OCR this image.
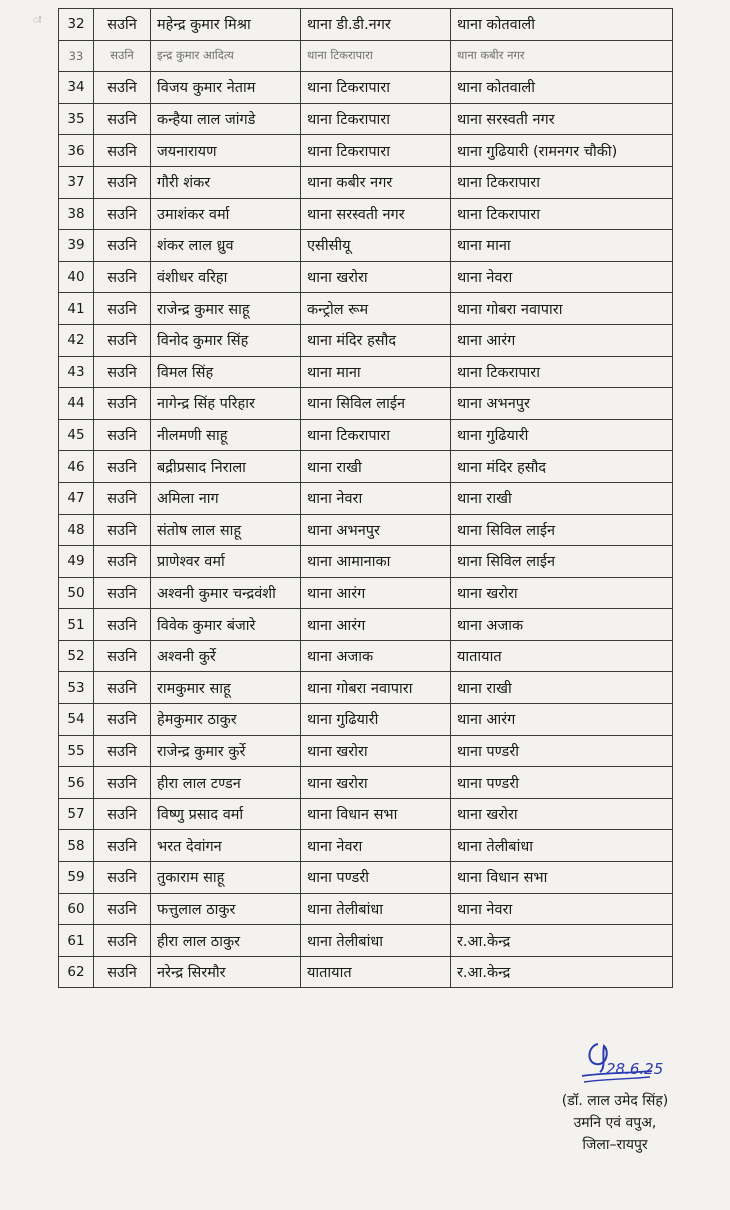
ः 32	सउनि	महेन्द्र कुमार मिश्रा	थाना डी.डी.नगर	थाना कोतवाली
33	सउनि	इन्द्र कुमार आदित्य	थाना टिकरापारा	थाना कबीर नगर
34	सउनि	विजय कुमार नेताम	थाना टिकरापारा	थाना कोतवाली
35	सउनि	कन्हैया लाल जांगडे	थाना टिकरापारा	थाना सरस्वती नगर
36	सउनि	जयनारायण	थाना टिकरापारा	थाना गुढियारी (रामनगर चौकी)
37	सउनि	गौरी शंकर	थाना कबीर नगर	थाना टिकरापारा
38	सउनि	उमाशंकर वर्मा	थाना सरस्वती नगर	थाना टिकरापारा
39	सउनि	शंकर लाल ध्रुव	एसीसीयू	थाना माना
40	सउनि	वंशीधर वरिहा	थाना खरोरा	थाना नेवरा
41	सउनि	राजेन्द्र कुमार साहू	कन्ट्रोल रूम	थाना गोबरा नवापारा
42	सउनि	विनोद कुमार सिंह	थाना मंदिर हसौद	थाना आरंग
43	सउनि	विमल सिंह	थाना माना	थाना टिकरापारा
44	सउनि	नागेन्द्र सिंह परिहार	थाना सिविल लाईन	थाना अभनपुर
45	सउनि	नीलमणी साहू	थाना टिकरापारा	थाना गुढियारी
46	सउनि	बद्रीप्रसाद निराला	थाना राखी	थाना मंदिर हसौद
47	सउनि	अमिला नाग	थाना नेवरा	थाना राखी
48	सउनि	संतोष लाल साहू	थाना अभनपुर	थाना सिविल लाईन
49	सउनि	प्राणेश्वर वर्मा	थाना आमानाका	थाना सिविल लाईन
50	सउनि	अश्वनी कुमार चन्द्रवंशी	थाना आरंग	थाना खरोरा
51	सउनि	विवेक कुमार बंजारे	थाना आरंग	थाना अजाक
52	सउनि	अश्वनी कुर्रे	थाना अजाक	यातायात
53	सउनि	रामकुमार साहू	थाना गोबरा नवापारा	थाना राखी
54	सउनि	हेमकुमार ठाकुर	थाना गुढियारी	थाना आरंग
55	सउनि	राजेन्द्र कुमार कुर्रे	थाना खरोरा	थाना पण्डरी
56	सउनि	हीरा लाल टण्डन	थाना खरोरा	थाना पण्डरी
57	सउनि	विष्णु प्रसाद वर्मा	थाना विधान सभा	थाना खरोरा
58	सउनि	भरत देवांगन	थाना नेवरा	थाना तेलीबांधा
59	सउनि	तुकाराम साहू	थाना पण्डरी	थाना विधान सभा
60	सउनि	फत्तुलाल ठाकुर	थाना तेलीबांधा	थाना नेवरा
61	सउनि	हीरा लाल ठाकुर	थाना तेलीबांधा	र.आ.केन्द्र
62	सउनि	नरेन्द्र सिरमौर	यातायात	र.आ.केन्द्र
28.6.25
(डॉ. लाल उमेद सिंह)
उमनि एवं वपुअ,
जिला–रायपुर
